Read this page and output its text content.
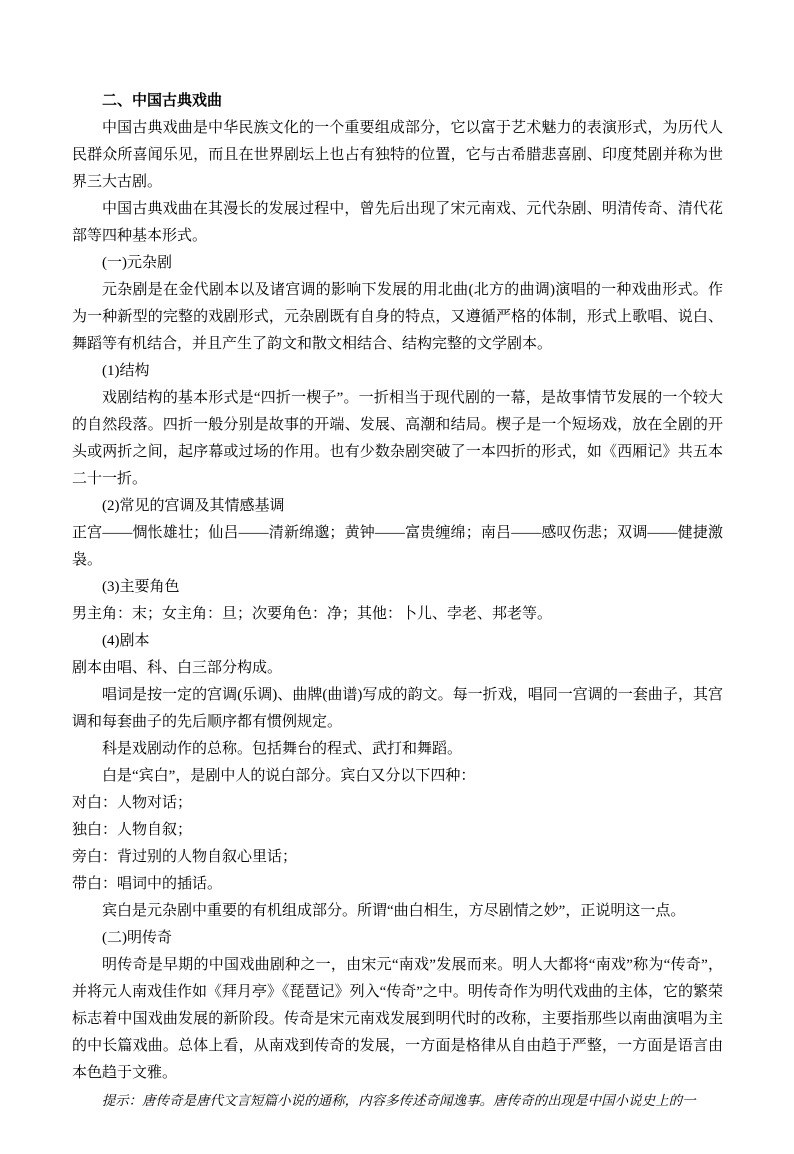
二、中国古典戏曲

中国古典戏曲是中华民族文化的一个重要组成部分，它以富于艺术魅力的表演形式，为历代人民群众所喜闻乐见，而且在世界剧坛上也占有独特的位置，它与古希腊悲喜剧、印度梵剧并称为世界三大古剧。

中国古典戏曲在其漫长的发展过程中，曾先后出现了宋元南戏、元代杂剧、明清传奇、清代花部等四种基本形式。

(一)元杂剧

元杂剧是在金代剧本以及诸宫调的影响下发展的用北曲(北方的曲调)演唱的一种戏曲形式。作为一种新型的完整的戏剧形式，元杂剧既有自身的特点，又遵循严格的体制，形式上歌唱、说白、舞蹈等有机结合，并且产生了韵文和散文相结合、结构完整的文学剧本。

(1)结构

戏剧结构的基本形式是“四折一楔子”。一折相当于现代剧的一幕，是故事情节发展的一个较大的自然段落。四折一般分别是故事的开端、发展、高潮和结局。楔子是一个短场戏，放在全剧的开头或两折之间，起序幕或过场的作用。也有少数杂剧突破了一本四折的形式，如《西厢记》共五本二十一折。

(2)常见的宫调及其情感基调

正宫——惆怅雄壮；仙吕——清新绵邈；黄钟——富贵缠绵；南吕——感叹伤悲；双调——健捷激袅。

(3)主要角色

男主角：末；女主角：旦；次要角色：净；其他：卜儿、孛老、邦老等。

(4)剧本

剧本由唱、科、白三部分构成。

唱词是按一定的宫调(乐调)、曲牌(曲谱)写成的韵文。每一折戏，唱同一宫调的一套曲子，其宫调和每套曲子的先后顺序都有惯例规定。

科是戏剧动作的总称。包括舞台的程式、武打和舞蹈。

白是“宾白”，是剧中人的说白部分。宾白又分以下四种：

对白：人物对话；

独白：人物自叙；

旁白：背过别的人物自叙心里话；

带白：唱词中的插话。

宾白是元杂剧中重要的有机组成部分。所谓“曲白相生，方尽剧情之妙”，正说明这一点。

(二)明传奇

明传奇是早期的中国戏曲剧种之一，由宋元“南戏”发展而来。明人大都将“南戏”称为“传奇”，并将元人南戏佳作如《拜月亭》《琵琶记》列入“传奇”之中。明传奇作为明代戏曲的主体，它的繁荣标志着中国戏曲发展的新阶段。传奇是宋元南戏发展到明代时的改称，主要指那些以南曲演唱为主的中长篇戏曲。总体上看，从南戏到传奇的发展，一方面是格律从自由趋于严整，一方面是语言由本色趋于文雅。

提示：唐传奇是唐代文言短篇小说的通称，内容多传述奇闻逸事。唐传奇的出现是中国小说史上的一
